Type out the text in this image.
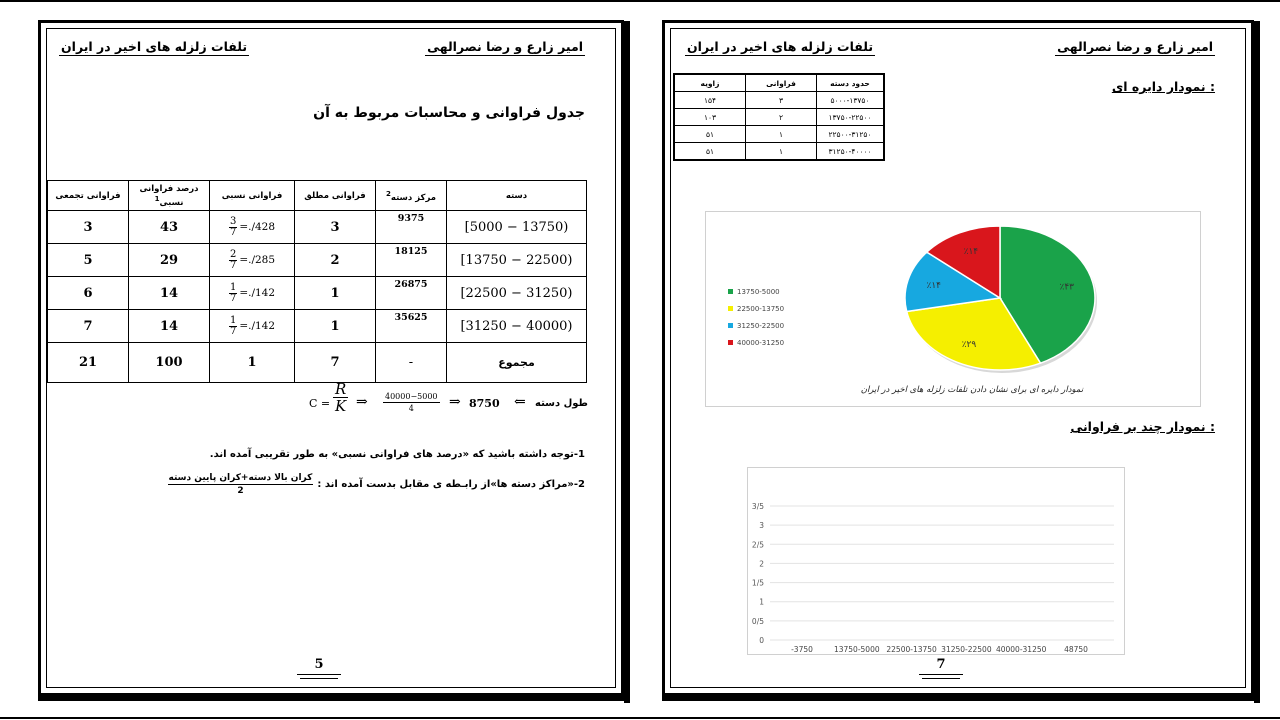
امیر زارع و رضا نصرالهی
تلفات زلزله های اخیر در ایران
جدول فراوانی و محاسبات مربوط به آن
فراوانی تجمعی	درصد فراوانی نسبی$^1$	فراوانی نسبی	فراوانی مطلق	مرکز دسته$^2$	دسته
3	43	$\frac{3}{7} =./428$	3	9375	[5000 − 13750)
5	29	$\frac{2}{7} =./285$	2	18125	[13750 − 22500)
6	14	$\frac{1}{7} =./142$	1	26875	[22500 − 31250)
7	14	$\frac{1}{7} =./142$	1	35625	[31250 − 40000)
21	100	1	7	-	مجموع
C =
R
K ⇒ 40000−5000
4	⇒ 8750 ⇐ طول دسته
1-توجه داشته باشید که «درصد های فراوانی نسبی» به طور تقریبی آمده اند.
2-«مراکز دسته ها»از رابـطه ی مقابل بدست آمده اند :
کران بالا دسته+کران پایین دسته
2
5
امیر زارع و رضا نصرالهی
تلفات زلزله های اخیر در ایران
نمودار دایره ای :
زاویه	فراوانی	حدود دسته
۱۵۴	۳	۵۰۰۰-۱۳۷۵۰
۱۰۳	۲	۱۳۷۵۰-۲۲۵۰۰
۵۱	۱	۲۲۵۰۰-۳۱۲۵۰
۵۱	۱	۳۱۲۵۰-۴۰۰۰۰
٪۴۳
٪۲۹
٪۱۴
٪۱۴
13750-5000
22500-13750
31250-22500
40000-31250
نمودار دایره ای برای نشان دادن تلفات زلزله های اخیر در ایران
نمودار چند بر فراوانی :
0
0/5
1
1/5
2
2/5
3
3/5
-3750	13750-5000 22500-13750 31250-22500 40000-31250 48750
7
